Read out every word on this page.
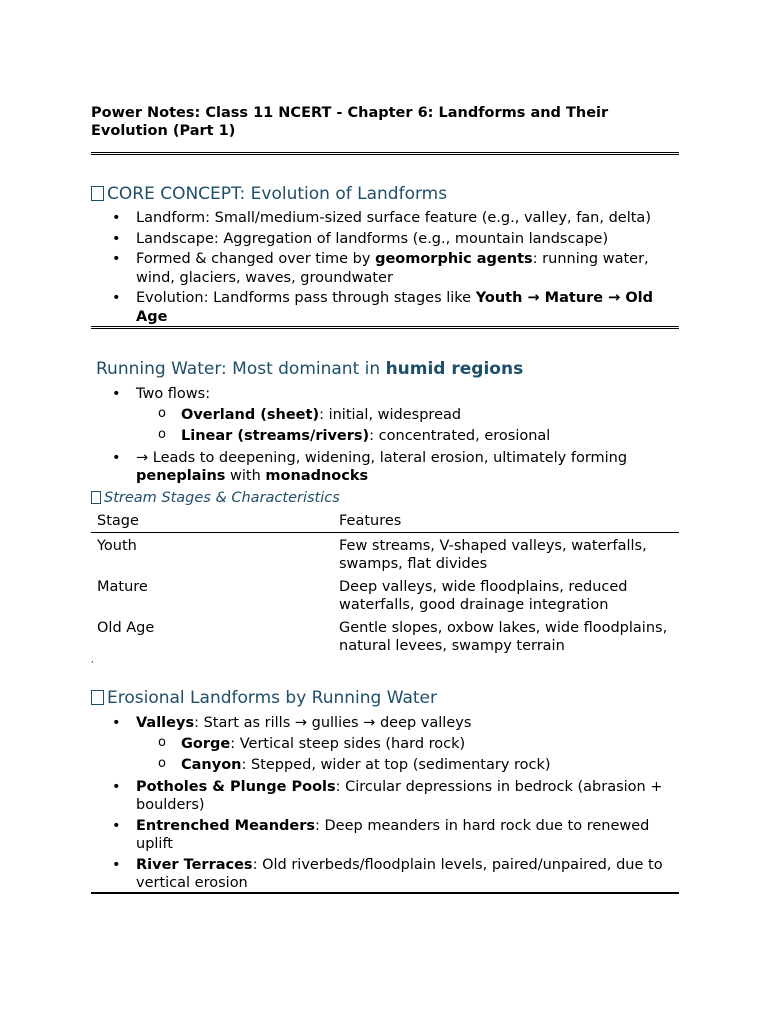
Power Notes: Class 11 NCERT - Chapter 6: Landforms and Their Evolution (Part 1)
CORE CONCEPT: Evolution of Landforms
• Landform: Small/medium-sized surface feature (e.g., valley, fan, delta)
• Landscape: Aggregation of landforms (e.g., mountain landscape)
• Formed & changed over time by geomorphic agents: running water, wind, glaciers, waves, groundwater
• Evolution: Landforms pass through stages like Youth → Mature → Old Age
Running Water: Most dominant in humid regions
• Two flows:
o Overland (sheet): initial, widespread
o Linear (streams/rivers): concentrated, erosional
• → Leads to deepening, widening, lateral erosion, ultimately forming peneplains with monadnocks
Stream Stages & Characteristics
Stage	Features
Youth	Few streams, V-shaped valleys, waterfalls, swamps, flat divides
Mature	Deep valleys, wide floodplains, reduced waterfalls, good drainage integration
Old Age	Gentle slopes, oxbow lakes, wide floodplains, natural levees, swampy terrain
,
Erosional Landforms by Running Water
• Valleys: Start as rills → gullies → deep valleys
o Gorge: Vertical steep sides (hard rock)
o Canyon: Stepped, wider at top (sedimentary rock)
• Potholes & Plunge Pools: Circular depressions in bedrock (abrasion + boulders)
• Entrenched Meanders: Deep meanders in hard rock due to renewed uplift
• River Terraces: Old riverbeds/floodplain levels, paired/unpaired, due to vertical erosion
